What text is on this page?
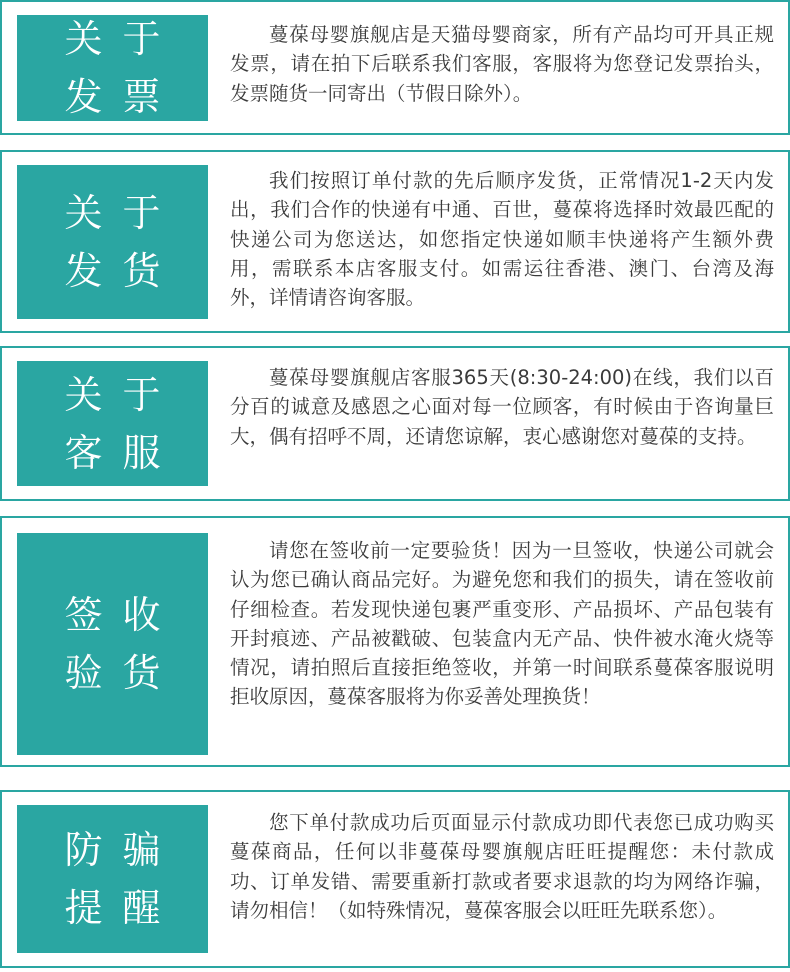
关于
发票
蔓葆母婴旗舰店是天猫母婴商家，所有产品均可开具正规发票，请在拍下后联系我们客服，客服将为您登记发票抬头，发票随货一同寄出（节假日除外）。
关于
发货
我们按照订单付款的先后顺序发货，正常情况1-2天内发出，我们合作的快递有中通、百世，蔓葆将选择时效最匹配的快递公司为您送达，如您指定快递如顺丰快递将产生额外费用，需联系本店客服支付。如需运往香港、澳门、台湾及海外，详情请咨询客服。
关于
客服
蔓葆母婴旗舰店客服365天(8:30-24:00)在线，我们以百分百的诚意及感恩之心面对每一位顾客，有时候由于咨询量巨大，偶有招呼不周，还请您谅解，衷心感谢您对蔓葆的支持。
签收
验货
请您在签收前一定要验货！因为一旦签收，快递公司就会认为您已确认商品完好。为避免您和我们的损失，请在签收前仔细检查。若发现快递包裹严重变形、产品损坏、产品包装有开封痕迹、产品被戳破、包装盒内无产品、快件被水淹火烧等情况，请拍照后直接拒绝签收，并第一时间联系蔓葆客服说明拒收原因，蔓葆客服将为你妥善处理换货！
防骗
提醒
您下单付款成功后页面显示付款成功即代表您已成功购买蔓葆商品，任何以非蔓葆母婴旗舰店旺旺提醒您：未付款成功、订单发错、需要重新打款或者要求退款的均为网络诈骗，请勿相信！（如特殊情况，蔓葆客服会以旺旺先联系您）。
